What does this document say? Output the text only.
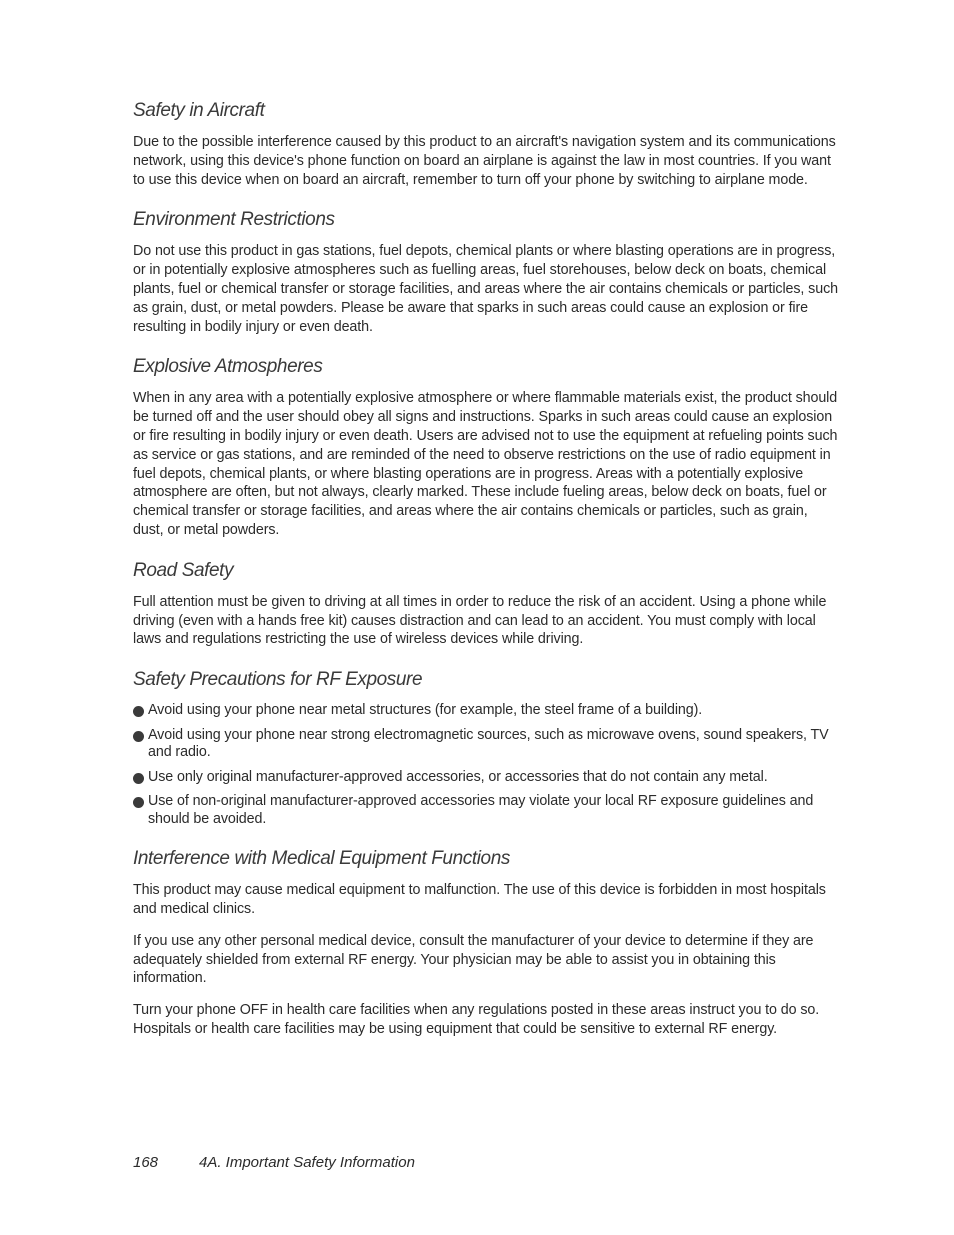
Safety in Aircraft

Due to the possible interference caused by this product to an aircraft's navigation system and its communications network, using this device's phone function on board an airplane is against the law in most countries. If you want to use this device when on board an aircraft, remember to turn off your phone by switching to airplane mode.

Environment Restrictions

Do not use this product in gas stations, fuel depots, chemical plants or where blasting operations are in progress, or in potentially explosive atmospheres such as fuelling areas, fuel storehouses, below deck on boats, chemical plants, fuel or chemical transfer or storage facilities, and areas where the air contains chemicals or particles, such as grain, dust, or metal powders. Please be aware that sparks in such areas could cause an explosion or fire resulting in bodily injury or even death.

Explosive Atmospheres

When in any area with a potentially explosive atmosphere or where flammable materials exist, the product should be turned off and the user should obey all signs and instructions. Sparks in such areas could cause an explosion or fire resulting in bodily injury or even death. Users are advised not to use the equipment at refueling points such as service or gas stations, and are reminded of the need to observe restrictions on the use of radio equipment in fuel depots, chemical plants, or where blasting operations are in progress. Areas with a potentially explosive atmosphere are often, but not always, clearly marked. These include fueling areas, below deck on boats, fuel or chemical transfer or storage facilities, and areas where the air contains chemicals or particles, such as grain, dust, or metal powders.

Road Safety

Full attention must be given to driving at all times in order to reduce the risk of an accident. Using a phone while driving (even with a hands free kit) causes distraction and can lead to an accident. You must comply with local laws and regulations restricting the use of wireless devices while driving.

Safety Precautions for RF Exposure
Avoid using your phone near metal structures (for example, the steel frame of a building).
Avoid using your phone near strong electromagnetic sources, such as microwave ovens, sound speakers, TV and radio.
Use only original manufacturer-approved accessories, or accessories that do not contain any metal.
Use of non-original manufacturer-approved accessories may violate your local RF exposure guidelines and should be avoided.
Interference with Medical Equipment Functions

This product may cause medical equipment to malfunction. The use of this device is forbidden in most hospitals and medical clinics.

If you use any other personal medical device, consult the manufacturer of your device to determine if they are adequately shielded from external RF energy. Your physician may be able to assist you in obtaining this information.

Turn your phone OFF in health care facilities when any regulations posted in these areas instruct you to do so. Hospitals or health care facilities may be using equipment that could be sensitive to external RF energy.

168	4A. Important Safety Information
